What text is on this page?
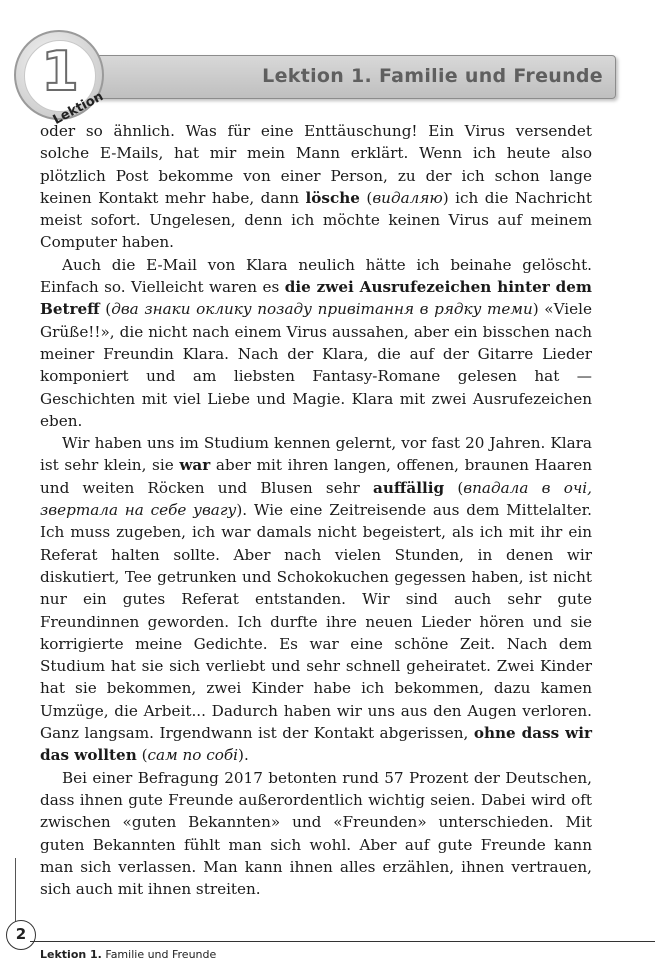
Lektion 1. Familie und Freunde
1
Lektion

oder so ähnlich. Was für eine Enttäuschung! Ein Virus versendet solche E-Mails, hat mir mein Mann erklärt. Wenn ich heute also plötzlich Post bekomme von einer Person, zu der ich schon lange keinen Kontakt mehr habe, dann lösche (видаляю) ich die Nachricht meist sofort. Ungelesen, denn ich möchte keinen Virus auf meinem Computer haben.

Auch die E-Mail von Klara neulich hätte ich beinahe gelöscht. Einfach so. Vielleicht waren es die zwei Ausrufezeichen hinter dem Betreff (два знаки оклику позаду привітання в рядку теми) «Viele Grüße!!», die nicht nach einem Virus aussahen, aber ein bisschen nach meiner Freundin Klara. Nach der Klara, die auf der Gitarre Lieder komponiert und am liebsten Fantasy-Romane gelesen hat — Geschichten mit viel Liebe und Magie. Klara mit zwei Ausrufezeichen eben.

Wir haben uns im Studium kennen gelernt, vor fast 20 Jahren. Klara ist sehr klein, sie war aber mit ihren langen, offenen, braunen Haaren und weiten Röcken und Blusen sehr auffällig (впадала в очі, звертала на себе увагу). Wie eine Zeitreisende aus dem Mittelalter. Ich muss zugeben, ich war damals nicht begeistert, als ich mit ihr ein Referat halten sollte. Aber nach vielen Stunden, in denen wir diskutiert, Tee getrunken und Schokokuchen gegessen haben, ist nicht nur ein gutes Referat entstanden. Wir sind auch sehr gute Freundinnen geworden. Ich durfte ihre neuen Lieder hören und sie korrigierte meine Gedichte. Es war eine schöne Zeit. Nach dem Studium hat sie sich verliebt und sehr schnell geheiratet. Zwei Kinder hat sie bekommen, zwei Kinder habe ich bekommen, dazu kamen Umzüge, die Arbeit... Dadurch haben wir uns aus den Augen verloren. Ganz langsam. Irgendwann ist der Kontakt abgerissen, ohne dass wir das wollten (сам по собі).

Bei einer Befragung 2017 betonten rund 57 Prozent der Deutschen, dass ihnen gute Freunde außerordentlich wichtig seien. Dabei wird oft zwischen «guten Bekannten» und «Freunden» unterschieden. Mit guten Bekannten fühlt man sich wohl. Aber auf gute Freunde kann man sich verlassen. Man kann ihnen alles erzählen, ihnen vertrauen, sich auch mit ihnen streiten.

2
Lektion 1. Familie und Freunde
